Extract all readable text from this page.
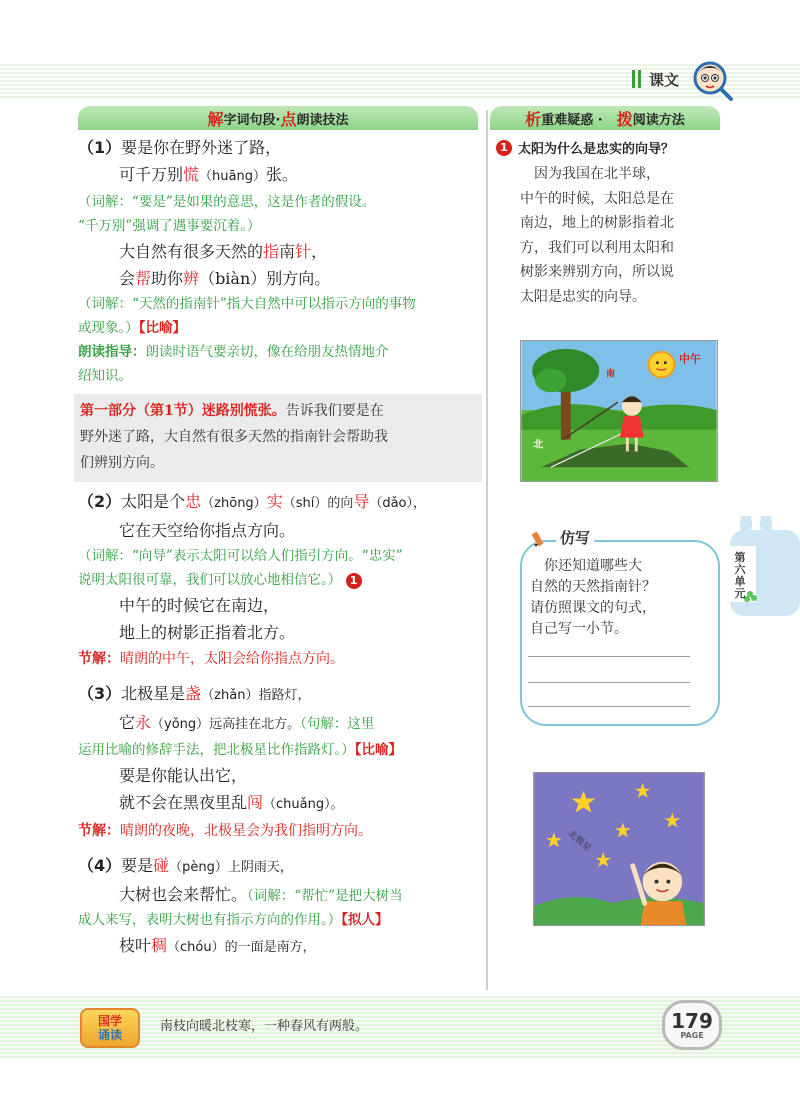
课文
解 字词句段· 点 朗读技法	析 重难疑惑 · 拨 阅读方法
（1）要是你在野外迷了路，
可千万别慌（huāng）张。
（词解：“要是”是如果的意思，这是作者的假设。
“千万别”强调了遇事要沉着。）
大自然有很多天然的指南针，
会帮助你辨（biàn）别方向。
（词解：“天然的指南针”指大自然中可以指示方向的事物
或现象。）【比喻】
朗读指导：朗读时语气要亲切，像在给朋友热情地介
绍知识。
第一部分（第1节）迷路别慌张。告诉我们要是在
野外迷了路，大自然有很多天然的指南针会帮助我
们辨别方向。
（2）太阳是个忠（zhōng）实（shí）的向导（dǎo），
它在天空给你指点方向。
（词解：“向导”表示太阳可以给人们指引方向。“忠实”
说明太阳很可靠，我们可以放心地相信它。） 1
中午的时候它在南边，
地上的树影正指着北方。
节解：晴朗的中午，太阳会给你指点方向。
（3）北极星是盏（zhǎn）指路灯，
它永（yǒng）远高挂在北方。（句解：这里
运用比喻的修辞手法，把北极星比作指路灯。）【比喻】
要是你能认出它，
就不会在黑夜里乱闯（chuǎng）。
节解：晴朗的夜晚，北极星会为我们指明方向。
（4）要是碰（pèng）上阴雨天，
大树也会来帮忙。（词解：“帮忙”是把大树当
成人来写，表明大树也有指示方向的作用。）【拟人】
枝叶稠（chóu）的一面是南方，
1 太阳为什么是忠实的向导？
　因为我国在北半球，
中午的时候，太阳总是在
南边，地上的树影指着北
方，我们可以利用太阳和
树影来辨别方向，所以说
太阳是忠实的向导。
南
北
中午
仿写
　你还知道哪些大
自然的天然指南针？
请仿照课文的句式，
自己写一小节。
北极星
第六单元
国学
诵读
南枝向暖北枝寒，一种春风有两般。	179
PAGE
